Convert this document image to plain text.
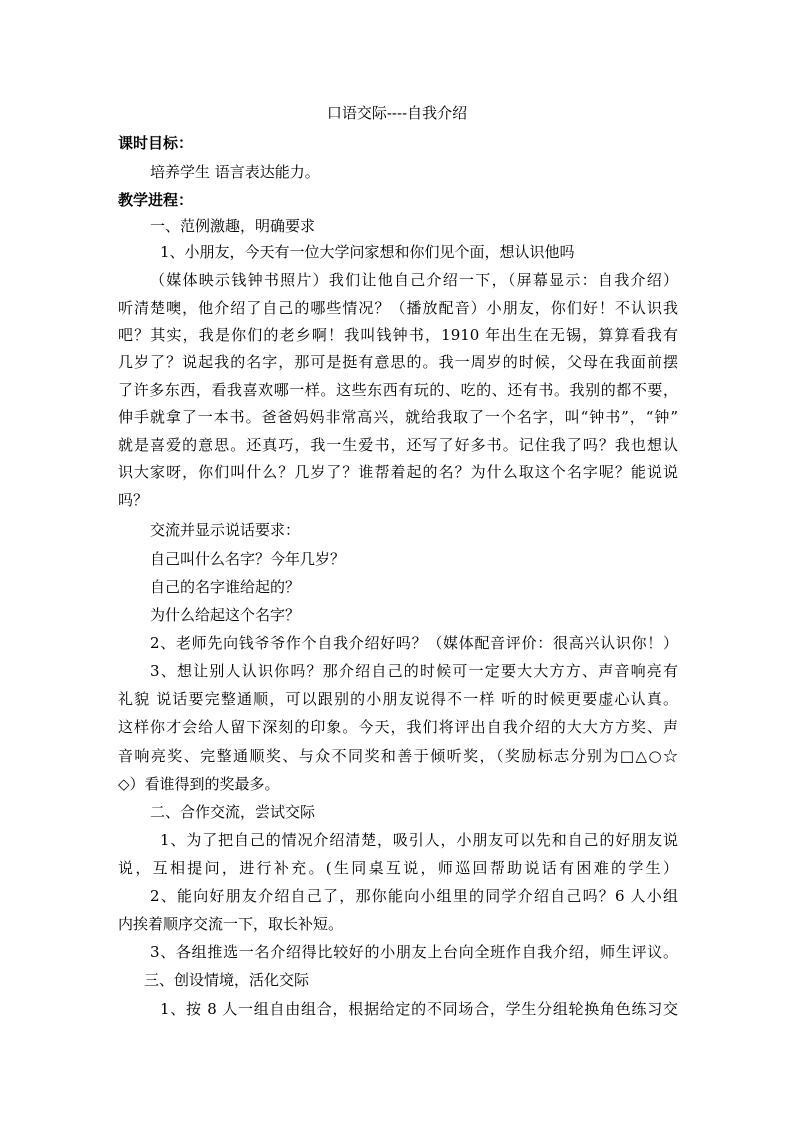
口语交际----自我介绍
课时目标：
培养学生 语言表达能力。
教学进程：
一、范例激趣，明确要求
1、小朋友，今天有一位大学问家想和你们见个面，想认识他吗
（媒体映示钱钟书照片）我们让他自己介绍一下，（屏幕显示：自我介绍）
听清楚噢，他介绍了自己的哪些情况？（播放配音）小朋友，你们好！不认识我
吧？其实，我是你们的老乡啊！我叫钱钟书，1910 年出生在无锡，算算看我有
几岁了？说起我的名字，那可是挺有意思的。我一周岁的时候，父母在我面前摆
了许多东西，看我喜欢哪一样。这些东西有玩的、吃的、还有书。我别的都不要，
伸手就拿了一本书。爸爸妈妈非常高兴，就给我取了一个名字，叫“钟书”，“钟”
就是喜爱的意思。还真巧，我一生爱书，还写了好多书。记住我了吗？我也想认
识大家呀，你们叫什么？几岁了？谁帮着起的名？为什么取这个名字呢？能说说
吗？
交流并显示说话要求：
自己叫什么名字？今年几岁？
自己的名字谁给起的？
为什么给起这个名字？
2、老师先向钱爷爷作个自我介绍好吗？（媒体配音评价：很高兴认识你！）
3、想让别人认识你吗？那介绍自己的时候可一定要大大方方、声音响亮有
礼貌 说话要完整通顺，可以跟别的小朋友说得不一样 听的时候更要虚心认真。
这样你才会给人留下深刻的印象。今天，我们将评出自我介绍的大大方方奖、声
音响亮奖、完整通顺奖、与众不同奖和善于倾听奖，（奖励标志分别为□△○☆
◇）看谁得到的奖最多。
二、合作交流，尝试交际
1、为了把自己的情况介绍清楚，吸引人，小朋友可以先和自己的好朋友说
说，互相提问，进行补充。(生同桌互说，师巡回帮助说话有困难的学生）
2、能向好朋友介绍自己了，那你能向小组里的同学介绍自己吗？6 人小组
内挨着顺序交流一下，取长补短。
3、各组推选一名介绍得比较好的小朋友上台向全班作自我介绍，师生评议。
三、创设情境，活化交际
1、按 8 人一组自由组合，根据给定的不同场合，学生分组轮换角色练习交
